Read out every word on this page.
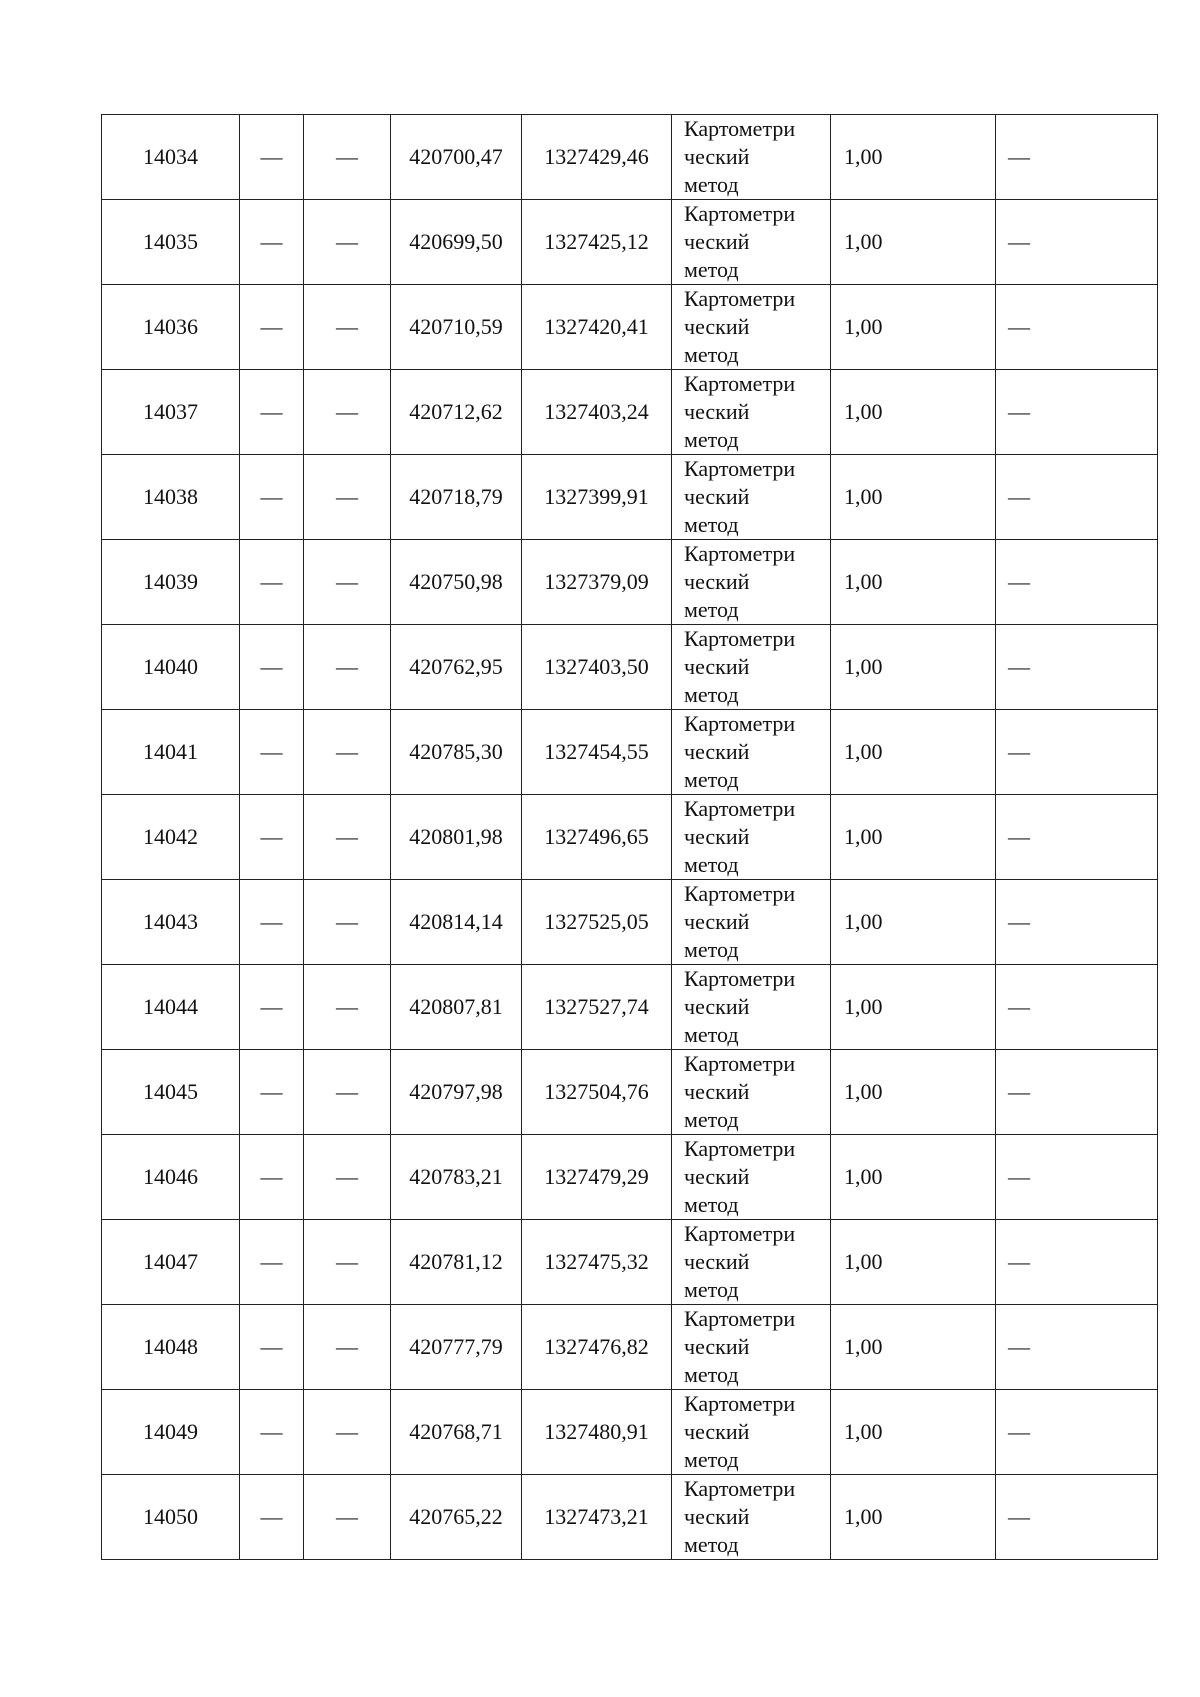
14034	—	—	420700,47	1327429,46	Картометри
ческий
метод	1,00	—
14035	—	—	420699,50	1327425,12	Картометри
ческий
метод	1,00	—
14036	—	—	420710,59	1327420,41	Картометри
ческий
метод	1,00	—
14037	—	—	420712,62	1327403,24	Картометри
ческий
метод	1,00	—
14038	—	—	420718,79	1327399,91	Картометри
ческий
метод	1,00	—
14039	—	—	420750,98	1327379,09	Картометри
ческий
метод	1,00	—
14040	—	—	420762,95	1327403,50	Картометри
ческий
метод	1,00	—
14041	—	—	420785,30	1327454,55	Картометри
ческий
метод	1,00	—
14042	—	—	420801,98	1327496,65	Картометри
ческий
метод	1,00	—
14043	—	—	420814,14	1327525,05	Картометри
ческий
метод	1,00	—
14044	—	—	420807,81	1327527,74	Картометри
ческий
метод	1,00	—
14045	—	—	420797,98	1327504,76	Картометри
ческий
метод	1,00	—
14046	—	—	420783,21	1327479,29	Картометри
ческий
метод	1,00	—
14047	—	—	420781,12	1327475,32	Картометри
ческий
метод	1,00	—
14048	—	—	420777,79	1327476,82	Картометри
ческий
метод	1,00	—
14049	—	—	420768,71	1327480,91	Картометри
ческий
метод	1,00	—
14050	—	—	420765,22	1327473,21	Картометри
ческий
метод	1,00	—
